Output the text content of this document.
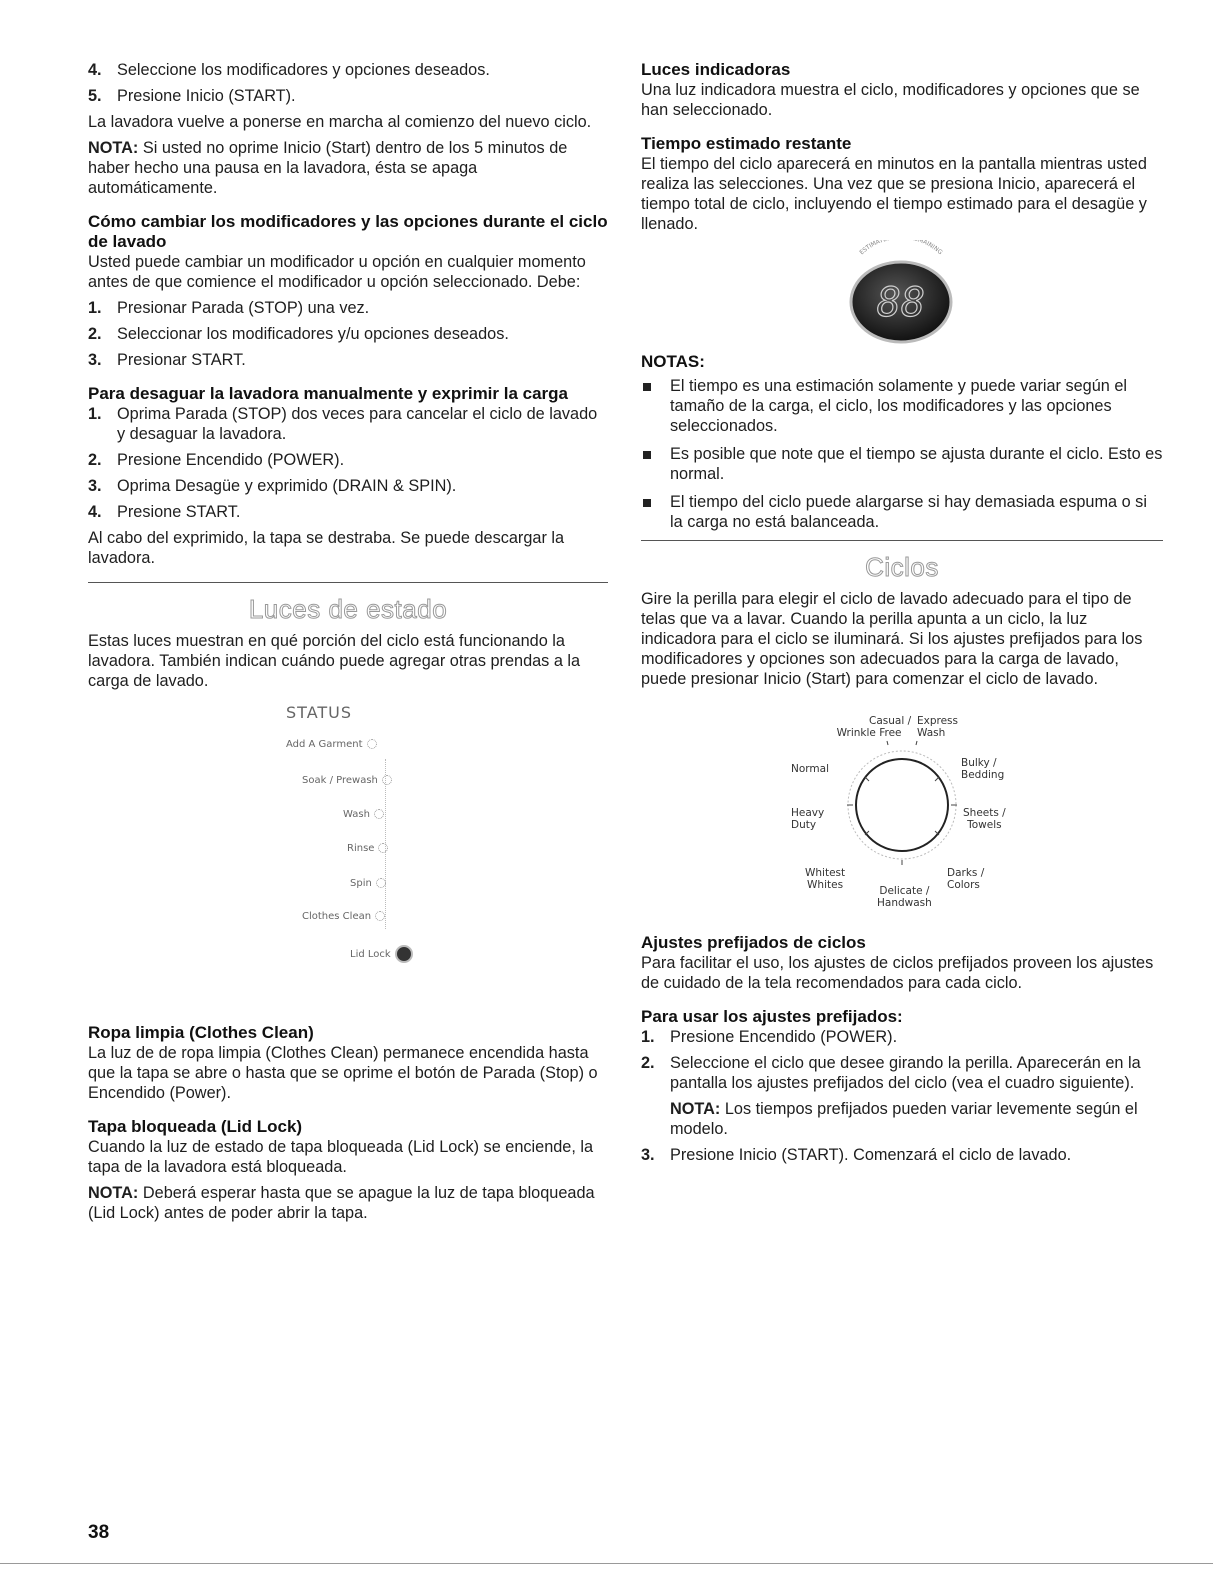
4. Seleccione los modificadores y opciones deseados.
5. Presione Inicio (START).

La lavadora vuelve a ponerse en marcha al comienzo del nuevo ciclo.

NOTA: Si usted no oprime Inicio (Start) dentro de los 5 minutos de haber hecho una pausa en la lavadora, ésta se apaga automáticamente.

Cómo cambiar los modificadores y las opciones durante el ciclo de lavado

Usted puede cambiar un modificador u opción en cualquier momento antes de que comience el modificador u opción seleccionado. Debe:

1. Presionar Parada (STOP) una vez.
2. Seleccionar los modificadores y/u opciones deseados.
3. Presionar START.
Para desaguar la lavadora manualmente y exprimir la carga
1. Oprima Parada (STOP) dos veces para cancelar el ciclo de lavado y desaguar la lavadora.
2. Presione Encendido (POWER).
3. Oprima Desagüe y exprimido (DRAIN & SPIN).
4. Presione START.

Al cabo del exprimido, la tapa se destraba. Se puede descargar la lavadora.

Luces de estado

Estas luces muestran en qué porción del ciclo está funcionando la lavadora. También indican cuándo puede agregar otras prendas a la carga de lavado.

STATUS
Add A Garment
Soak / Prewash
Wash
Rinse
Spin
Clothes Clean
Lid Lock
Ropa limpia (Clothes Clean)

La luz de de ropa limpia (Clothes Clean) permanece encendida hasta que la tapa se abre o hasta que se oprime el botón de Parada (Stop) o Encendido (Power).

Tapa bloqueada (Lid Lock)

Cuando la luz de estado de tapa bloqueada (Lid Lock) se enciende, la tapa de la lavadora está bloqueada.

NOTA: Deberá esperar hasta que se apague la luz de tapa bloqueada (Lid Lock) antes de poder abrir la tapa.

Luces indicadoras

Una luz indicadora muestra el ciclo, modificadores y opciones que se han seleccionado.

Tiempo estimado restante

El tiempo del ciclo aparecerá en minutos en la pantalla mientras usted realiza las selecciones. Una vez que se presiona Inicio, aparecerá el tiempo total de ciclo, incluyendo el tiempo estimado para el desagüe y llenado.

ESTIMAT MAINING
88
NOTAS:
El tiempo es una estimación solamente y puede variar según el tamaño de la carga, el ciclo, los modificadores y las opciones seleccionados.
Es posible que note que el tiempo se ajusta durante el ciclo. Esto es normal.
El tiempo del ciclo puede alargarse si hay demasiada espuma o si la carga no está balanceada.
Ciclos

Gire la perilla para elegir el ciclo de lavado adecuado para el tipo de telas que va a lavar. Cuando la perilla apunta a un ciclo, la luz indicadora para el ciclo se iluminará. Si los ajustes prefijados para los modificadores y opciones son adecuados para la carga de lavado, puede presionar Inicio (Start) para comenzar el ciclo de lavado.

Casual /
Wrinkle Free
Express
Wash
Bulky /
Bedding
Normal
Heavy
Duty
Sheets /
Towels
Whitest
Whites
Darks /
Colors
Delicate /
Handwash
Ajustes prefijados de ciclos

Para facilitar el uso, los ajustes de ciclos prefijados proveen los ajustes de cuidado de la tela recomendados para cada ciclo.

Para usar los ajustes prefijados:
1. Presione Encendido (POWER).
2. Seleccione el ciclo que desee girando la perilla. Aparecerán en la pantalla los ajustes prefijados del ciclo (vea el cuadro siguiente).

NOTA: Los tiempos prefijados pueden variar levemente según el modelo.

3. Presione Inicio (START). Comenzará el ciclo de lavado.
38
